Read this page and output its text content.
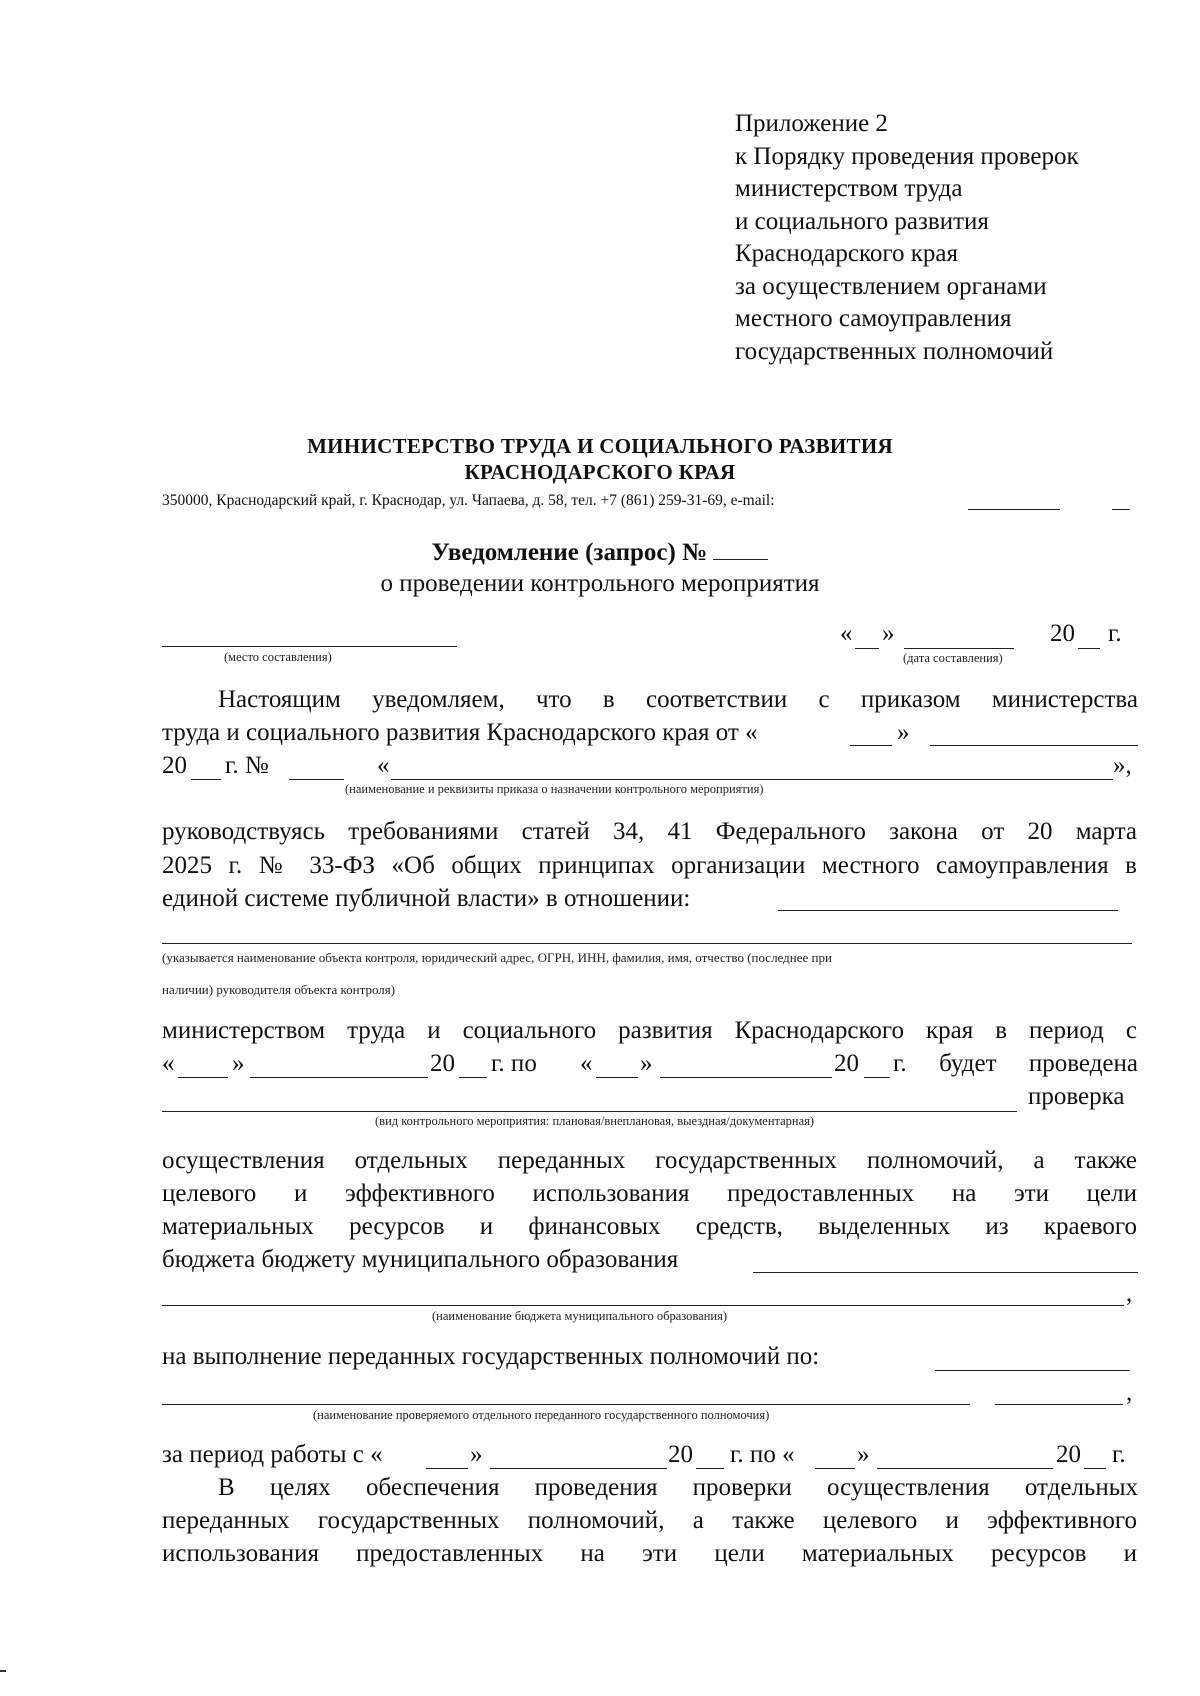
Приложение 2
к Порядку проведения проверок
министерством труда
и социального развития
Краснодарского края
за осуществлением органами
местного самоуправления
государственных полномочий
МИНИСТЕРСТВО ТРУДА И СОЦИАЛЬНОГО РАЗВИТИЯ
КРАСНОДАРСКОГО КРАЯ
350000, Краснодарский край, г. Краснодар, ул. Чапаева, д. 58, тел. +7 (861) 259-31-69, e-mail:
Уведомление (запрос) №
о проведении контрольного мероприятия
(место составления)
« »	20 г.
(дата составления)
Настоящим уведомляем, что в соответствии с приказом министерства
труда и социального развития Краснодарского края от «	»
20 г. №	«	»,
(наименование и реквизиты приказа о назначении контрольного мероприятия)
руководствуясь требованиями статей 34, 41 Федерального закона от 20 марта
2025 г. № 33-ФЗ «Об общих принципах организации местного самоуправления в
единой системе публичной власти» в отношении:
(указывается наименование объекта контроля, юридический адрес, ОГРН, ИНН, фамилия, имя, отчество (последнее при
наличии) руководителя объекта контроля)
министерством труда и социального развития Краснодарского края в период с
« »	20 г. по « »	20 г. будет проведена
проверка
(вид контрольного мероприятия: плановая/внеплановая, выездная/документарная)
осуществления отдельных переданных государственных полномочий, а также
целевого и эффективного использования предоставленных на эти цели
материальных ресурсов и финансовых средств, выделенных из краевого
бюджета бюджету муниципального образования
,
(наименование бюджета муниципального образования)
на выполнение переданных государственных полномочий по:
,
(наименование проверяемого отдельного переданного государственного полномочия)
за период работы с «	»	20 г. по « »	20 г.
В целях обеспечения проведения проверки осуществления отдельных
переданных государственных полномочий, а также целевого и эффективного
использования предоставленных на эти цели материальных ресурсов и
